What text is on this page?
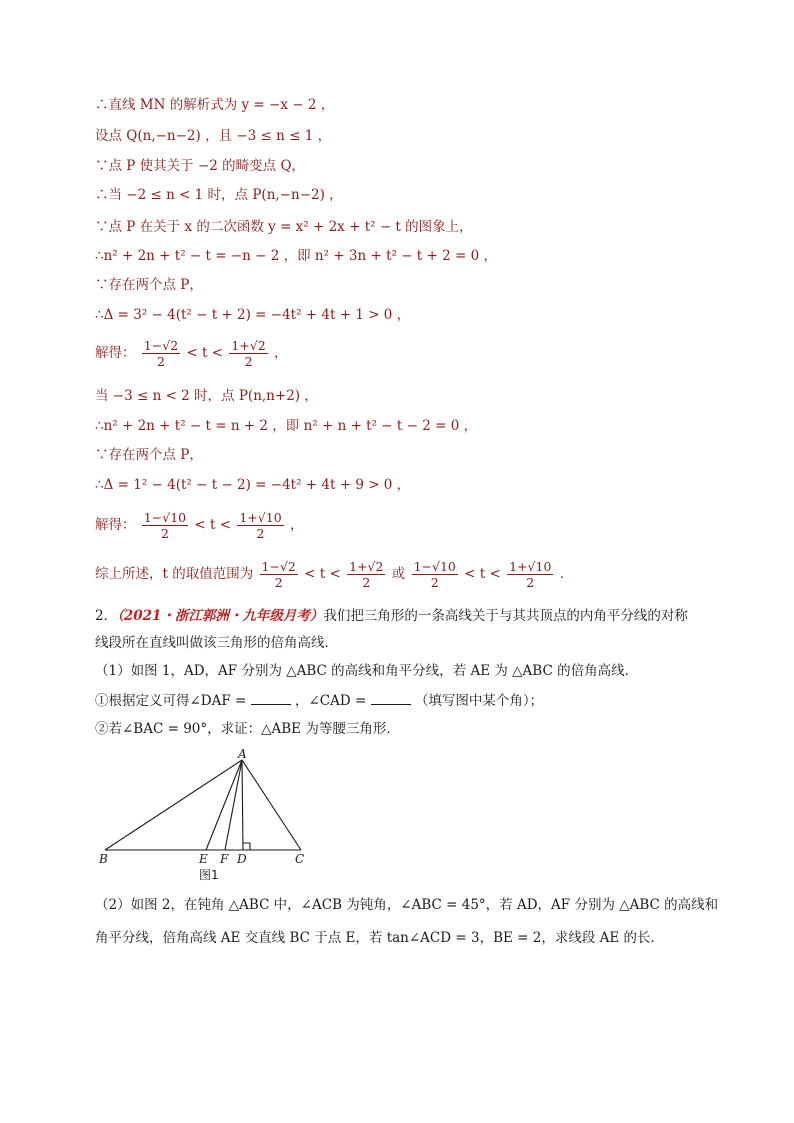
∴直线 MN 的解析式为 y = −x − 2 ，
设点 Q(n,−n−2) ，且 −3 ≤ n ≤ 1 ，
∵点 P 使其关于 −2 的畸变点 Q，
∴当 −2 ≤ n < 1 时，点 P(n,−n−2) ，
∵点 P 在关于 x 的二次函数 y = x² + 2x + t² − t 的图象上，
∴n² + 2n + t² − t = −n − 2 ，即 n² + 3n + t² − t + 2 = 0 ，
∵存在两个点 P，
∴Δ = 3² − 4(t² − t + 2) = −4t² + 4t + 1 > 0 ，
解得： $\frac{1-√2}{2} < t < \frac{1+√2}{2}$ ，
当 −3 ≤ n < 2 时，点 P(n,n+2) ，
∴n² + 2n + t² − t = n + 2 ，即 n² + n + t² − t − 2 = 0 ，
∵存在两个点 P，
∴Δ = 1² − 4(t² − t − 2) = −4t² + 4t + 9 > 0 ，
解得： $\frac{1-√10}{2} < t < \frac{1+√10}{2}$ ，
综上所述，t 的取值范围为 $\frac{1-√2}{2} < t < \frac{1+√2}{2}$ 或 $\frac{1-√10}{2} < t < \frac{1+√10}{2}$ .
2．（2021・浙江郭洲・九年级月考）我们把三角形的一条高线关于与其共顶点的内角平分线的对称
线段所在直线叫做该三角形的倍角高线．
（1）如图 1，AD，AF 分别为 △ABC 的高线和角平分线，若 AE 为 △ABC 的倍角高线．
①根据定义可得∠DAF =	，∠CAD =	（填写图中某个角）；
②若∠BAC = 90°，求证：△ABE 为等腰三角形．
A
B	E F D	C
图1
（2）如图 2，在钝角 △ABC 中，∠ACB 为钝角，∠ABC = 45°，若 AD，AF 分别为 △ABC 的高线和
角平分线，倍角高线 AE 交直线 BC 于点 E，若 tan∠ACD = 3，BE = 2，求线段 AE 的长．
